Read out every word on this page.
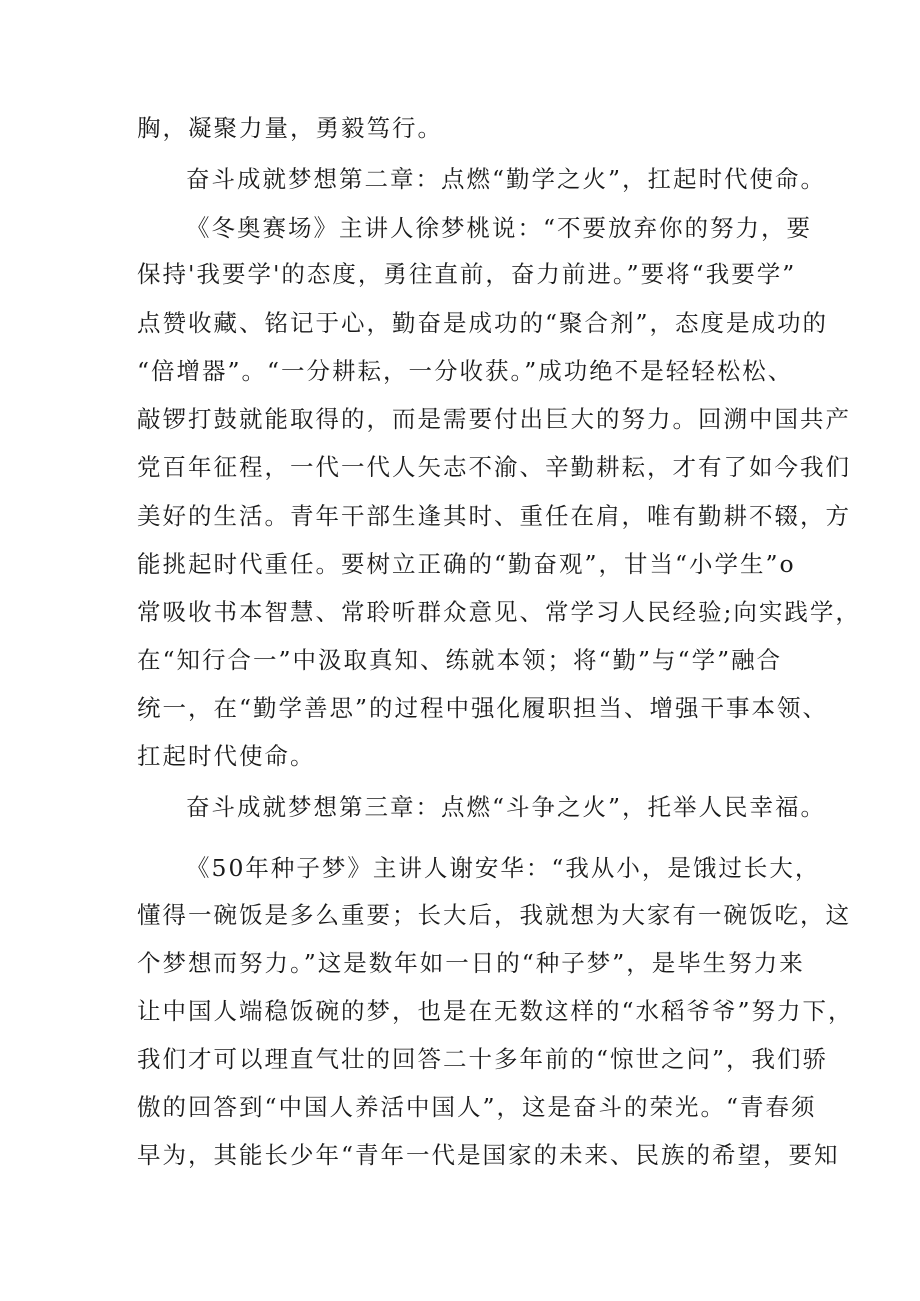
胸，凝聚力量，勇毅笃行。
奋斗成就梦想第二章：点燃“勤学之火”，扛起时代使命。
《冬奥赛场》主讲人徐梦桃说：“不要放弃你的努力，要
保持'我要学'的态度，勇往直前，奋力前进。”要将“我要学”
点赞收藏、铭记于心，勤奋是成功的“聚合剂”，态度是成功的
“倍增器”。“一分耕耘，一分收获。”成功绝不是轻轻松松、
敲锣打鼓就能取得的，而是需要付出巨大的努力。回溯中国共产
党百年征程，一代一代人矢志不渝、辛勤耕耘，才有了如今我们
美好的生活。青年干部生逢其时、重任在肩，唯有勤耕不辍，方
能挑起时代重任。要树立正确的“勤奋观”，甘当“小学生”o
常吸收书本智慧、常聆听群众意见、常学习人民经验;向实践学，
在“知行合一”中汲取真知、练就本领；将“勤”与“学”融合
统一，在“勤学善思”的过程中强化履职担当、增强干事本领、
扛起时代使命。
奋斗成就梦想第三章：点燃“斗争之火”，托举人民幸福。
《50年种子梦》主讲人谢安华：“我从小，是饿过长大，
懂得一碗饭是多么重要；长大后，我就想为大家有一碗饭吃，这
个梦想而努力。”这是数年如一日的“种子梦”，是毕生努力来
让中国人端稳饭碗的梦，也是在无数这样的“水稻爷爷”努力下，
我们才可以理直气壮的回答二十多年前的“惊世之问”，我们骄
傲的回答到“中国人养活中国人”，这是奋斗的荣光。“青春须
早为，其能长少年“青年一代是国家的未来、民族的希望，要知
